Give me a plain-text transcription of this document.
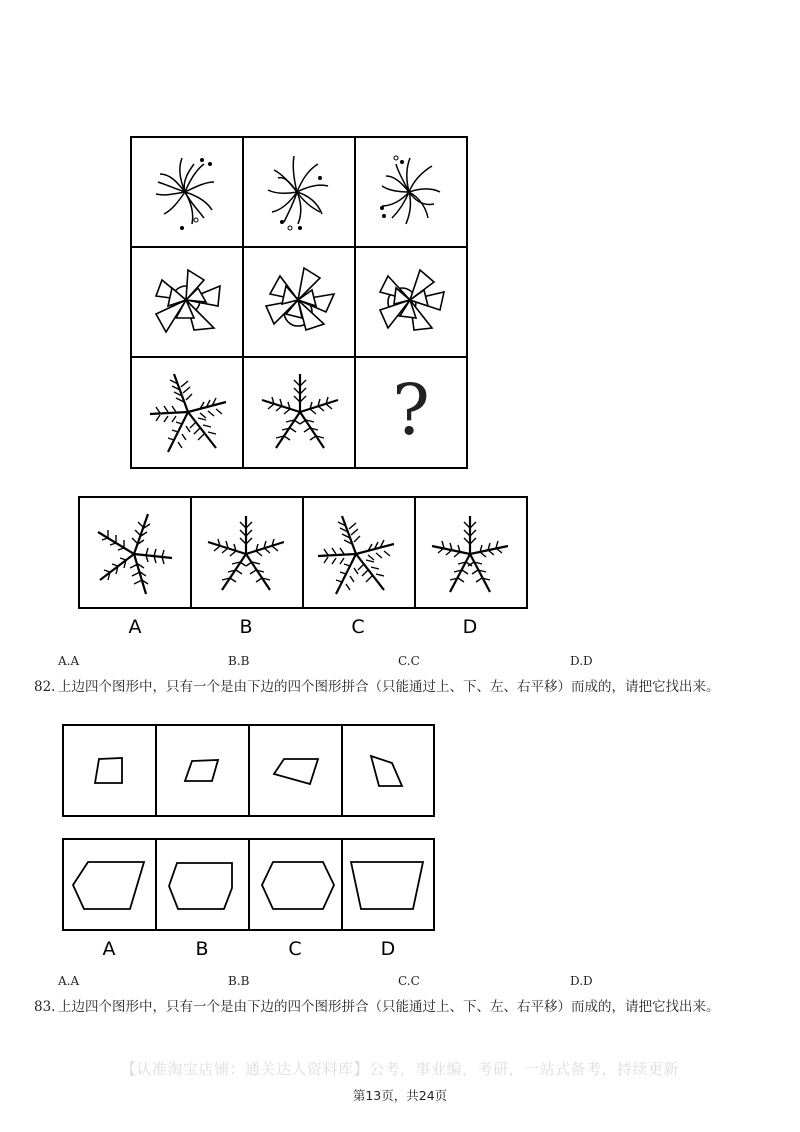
?
A	B	C	D
A.A	B.B	C.C	D.D
82. 上边四个图形中，只有一个是由下边的四个图形拼合（只能通过上、下、左、右平移）而成的，请把它找出来。
A	B	C	D
A.A	B.B	C.C	D.D
83. 上边四个图形中，只有一个是由下边的四个图形拼合（只能通过上、下、左、右平移）而成的，请把它找出来。
【认准淘宝店铺：通关达人资料库】公考，事业编，考研，一站式备考，持续更新
第13页，共24页
